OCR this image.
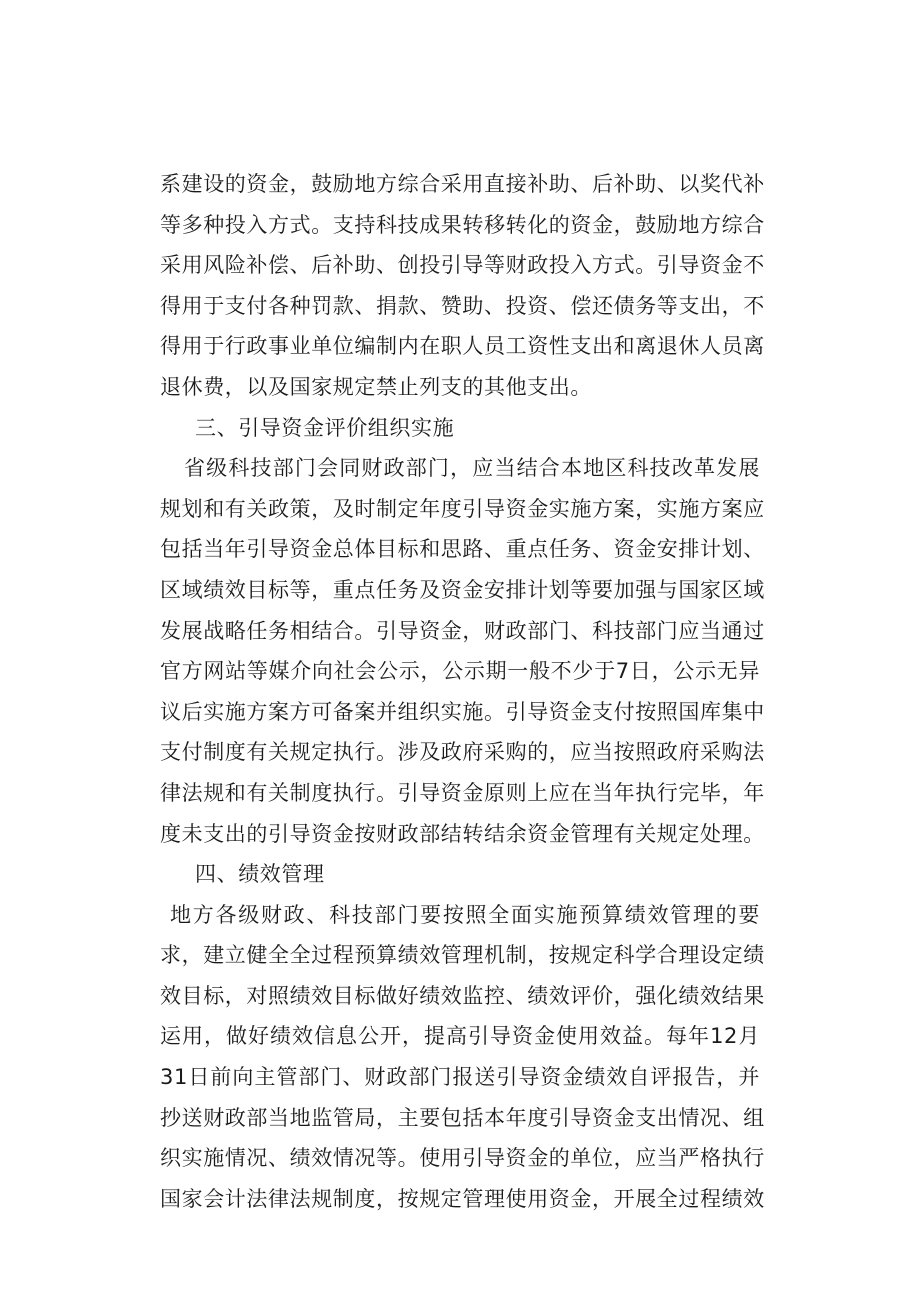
系建设的资金，鼓励地方综合采用直接补助、后补助、以奖代补
等多种投入方式。支持科技成果转移转化的资金，鼓励地方综合
采用风险补偿、后补助、创投引导等财政投入方式。引导资金不
得用于支付各种罚款、捐款、赞助、投资、偿还债务等支出，不
得用于行政事业单位编制内在职人员工资性支出和离退休人员离
退休费，以及国家规定禁止列支的其他支出。
三、引导资金评价组织实施
省级科技部门会同财政部门，应当结合本地区科技改革发展
规划和有关政策，及时制定年度引导资金实施方案，实施方案应
包括当年引导资金总体目标和思路、重点任务、资金安排计划、
区域绩效目标等，重点任务及资金安排计划等要加强与国家区域
发展战略任务相结合。引导资金，财政部门、科技部门应当通过
官方网站等媒介向社会公示，公示期一般不少于7日，公示无异
议后实施方案方可备案并组织实施。引导资金支付按照国库集中
支付制度有关规定执行。涉及政府采购的，应当按照政府采购法
律法规和有关制度执行。引导资金原则上应在当年执行完毕，年
度未支出的引导资金按财政部结转结余资金管理有关规定处理。
四、绩效管理
地方各级财政、科技部门要按照全面实施预算绩效管理的要
求，建立健全全过程预算绩效管理机制，按规定科学合理设定绩
效目标，对照绩效目标做好绩效监控、绩效评价，强化绩效结果
运用，做好绩效信息公开，提高引导资金使用效益。每年12月
31日前向主管部门、财政部门报送引导资金绩效自评报告，并
抄送财政部当地监管局，主要包括本年度引导资金支出情况、组
织实施情况、绩效情况等。使用引导资金的单位，应当严格执行
国家会计法律法规制度，按规定管理使用资金，开展全过程绩效
